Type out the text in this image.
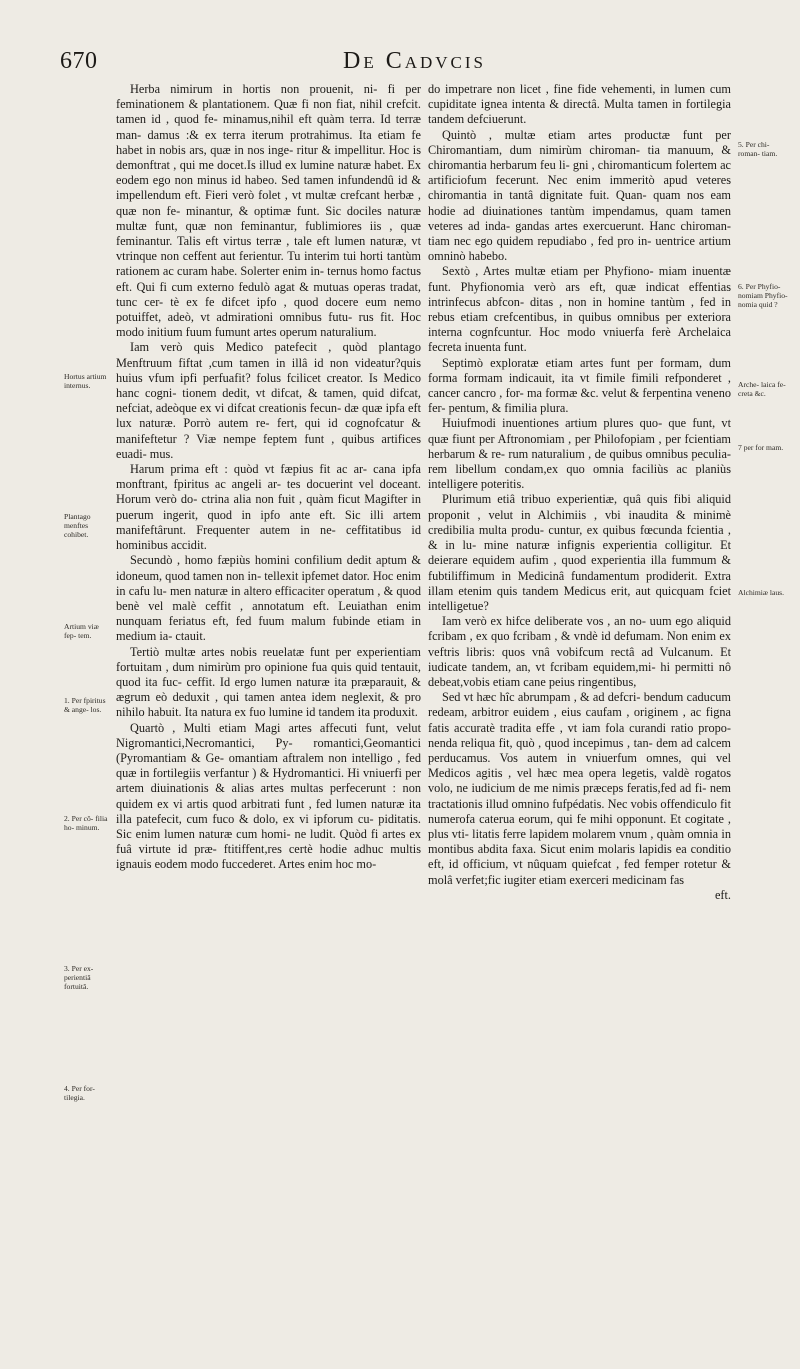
670	De Cadvcis

Herba nimirum in hortis non prouenit, ni- fi per feminationem & plantationem. Quæ fi non fiat, nihil crefcit. tamen id , quod fe- minamus,nihil eft quàm terra. Id terræ man- damus :& ex terra iterum protrahimus. Ita etiam fe habet in nobis ars, quæ in nos inge- ritur & impellitur. Hoc is demonftrat , qui me docet.Is illud ex lumine naturæ habet. Ex eodem ego non minus id habeo. Sed tamen infundendû id & impellendum eft. Fieri verò folet , vt multæ crefcant herbæ , quæ non fe- minantur, & optimæ funt. Sic dociles naturæ multæ funt, quæ non feminantur, fublimiores iis , quæ feminantur. Talis eft virtus terræ , tale eft lumen naturæ, vt vtrinque non ceffent aut ferientur. Tu interim tui horti tantùm rationem ac curam habe. Solerter enim in- ternus homo factus eft. Qui fi cum externo fedulò agat & mutuas operas tradat, tunc cer- tè ex fe difcet ipfo , quod docere eum nemo potuiffet, adeò, vt admirationi omnibus futu- rus fit. Hoc modo initium fuum fumunt artes operum naturalium.

Iam verò quis Medico patefecit , quòd plantago Menftruum fiftat ,cum tamen in illâ id non videatur?quis huius vfum ipfi perfuafit? folus fcilicet creator. Is Medico hanc cogni- tionem dedit, vt difcat, & tamen, quid difcat, nefciat, adeòque ex vi difcat creationis fecun- dæ quæ ipfa eft lux naturæ. Porrò autem re- fert, qui id cognofcatur & manifeftetur ? Viæ nempe feptem funt , quibus artifices euadi- mus.

Harum prima eft : quòd vt fæpius fit ac ar- cana ipfa monftrant, fpiritus ac angeli ar- tes docuerint vel doceant. Horum verò do- ctrina alia non fuit , quàm ficut Magifter in puerum ingerit, quod in ipfo ante eft. Sic illi artem manifeftârunt. Frequenter autem in ne- ceffitatibus id hominibus accidit.

Secundò , homo fæpiùs homini confilium dedit aptum & idoneum, quod tamen non in- tellexit ipfemet dator. Hoc enim in cafu lu- men naturæ in altero efficaciter operatum , & quod benè vel malè ceffit , annotatum eft. Leuiathan enim nunquam feriatus eft, fed fuum malum fubinde etiam in medium ia- ctauit.

Tertiò multæ artes nobis reuelatæ funt per experientiam fortuitam , dum nimirùm pro opinione fua quis quid tentauit, quod ita fuc- ceffit. Id ergo lumen naturæ ita præparauit, & ægrum eò deduxit , qui tamen antea idem neglexit, & pro nihilo habuit. Ita natura ex fuo lumine id tandem ita produxit.

Quartò , Multi etiam Magi artes affecuti funt, velut Nigromantici,Necromantici, Py- romantici,Geomantici (Pyromantiam & Ge- omantiam aftralem non intelligo , fed quæ in fortilegiis verfantur ) & Hydromantici. Hi vniuerfi per artem diuinationis & alias artes multas perfecerunt : non quidem ex vi artis quod arbitrati funt , fed lumen naturæ ita illa patefecit, cum fuco & dolo, ex vi ipforum cu- piditatis. Sic enim lumen naturæ cum homi- ne ludit. Quòd fi artes ex fuâ virtute id præ- ftitiffent,res certè hodie adhuc multis ignauis eodem modo fuccederet. Artes enim hoc mo-

do impetrare non licet , fine fide vehementi, in lumen cum cupiditate ignea intenta & directâ. Multa tamen in fortilegia tandem defciuerunt.

Quintò , multæ etiam artes productæ funt per Chiromantiam, dum nimirùm chiroman- tia manuum, & chiromantia herbarum feu li- gni , chiromanticum folertem ac artificiofum fecerunt. Nec enim immeritò apud veteres chiromantia in tantâ dignitate fuit. Quan- quam nos eam hodie ad diuinationes tantùm impendamus, quam tamen veteres ad inda- gandas artes exercuerunt. Hanc chiroman- tiam nec ego quidem repudiabo , fed pro in- uentrice artium omninò habebo.

Sextò , Artes multæ etiam per Phyfiono- miam inuentæ funt. Phyfionomia verò ars eft, quæ indicat effentias intrinfecus abfcon- ditas , non in homine tantùm , fed in rebus etiam crefcentibus, in quibus omnibus per exteriora interna cognfcuntur. Hoc modo vniuerfa ferè Archelaica fecreta inuenta funt.

Septimò exploratæ etiam artes funt per formam, dum forma formam indicauit, ita vt fimile fimili refponderet , cancer cancro , for- ma formæ &c. velut & ferpentina veneno fer- pentum, & fimilia plura.

Huiufmodi inuentiones artium plures quo- que funt, vt quæ fiunt per Aftronomiam , per Philofopiam , per fcientiam herbarum & re- rum naturalium , de quibus omnibus peculia- rem libellum condam,ex quo omnia faciliùs ac planiùs intelligere poteritis.

Plurimum etiâ tribuo experientiæ, quâ quis fibi aliquid proponit , velut in Alchimiis , vbi inaudita & minimè credibilia multa produ- cuntur, ex quibus fœcunda fcientia , & in lu- mine naturæ infignis experientia colligitur. Et deierare equidem aufim , quod experientia illa fummum & fubtiliffimum in Medicinâ fundamentum prodiderit. Extra illam etenim quis tandem Medicus erit, aut quicquam fciet intelligetue?

Iam verò ex hifce deliberate vos , an no- uum ego aliquid fcribam , ex quo fcribam , & vndè id defumam. Non enim ex veftris libris: quos vnâ vobifcum rectâ ad Vulcanum. Et iudicate tandem, an, vt fcribam equidem,mi- hi permitti nô debeat,vobis etiam cane peius ringentibus,

Sed vt hæc hîc abrumpam , & ad defcri- bendum caducum redeam, arbitror euidem , eius caufam , originem , ac figna fatis accuratè tradita effe , vt iam fola curandi ratio propo- nenda reliqua fit, quò , quod incepimus , tan- dem ad calcem perducamus. Vos autem in vniuerfum omnes, qui vel Medicos agitis , vel hæc mea opera legetis, valdè rogatos volo, ne iudicium de me nimis præceps feratis,fed ad fi- nem tractationis illud omnino fufpédatis. Nec vobis offendiculo fit numerofa caterua eorum, qui fe mihi opponunt. Et cogitate , plus vti- litatis ferre lapidem molarem vnum , quàm omnia in montibus abdita faxa. Sicut enim molaris lapidis ea conditio eft, id officium, vt nûquam quiefcat , fed femper rotetur & molâ verfet;fic iugiter etiam exerceri medicinam fas

eft.

Hortus artium internus.
Plantago menftes cohibet.
Artium viæ fep- tem.
1. Per fpiritus & ange- los.
2. Per cô- filia ho- minum.
3. Per ex- perientiâ fortuitâ.
4. Per for- tilegia.
5. Per chi- roman- tiam.
6. Per Phyfio- nomiam Phyfio- nomia quid ?
Arche- laica fe- creta &c.
7 per for mam.
Alchimiæ laus.
